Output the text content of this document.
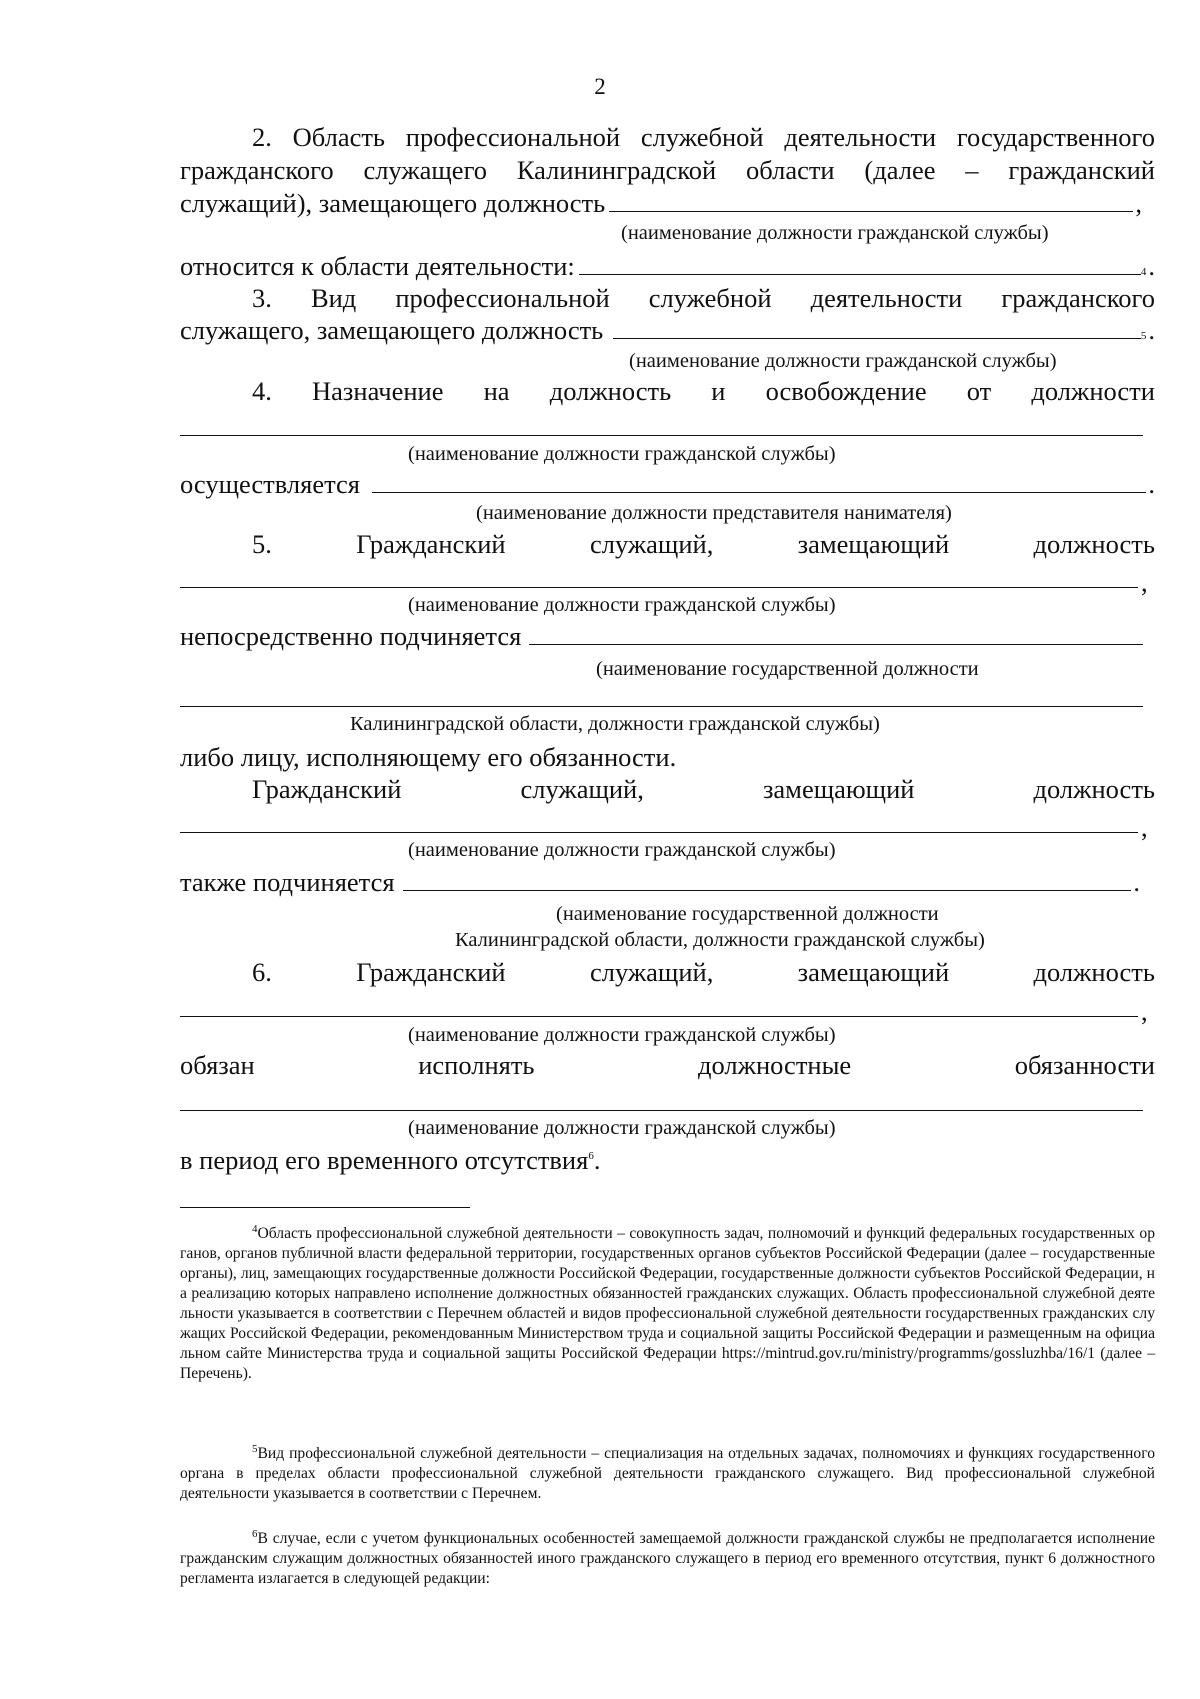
2
2. Область профессиональной служебной деятельности государственного
гражданского служащего Калининградской области (далее – гражданский
служащий), замещающего должность	,
(наименование должности гражданской службы)
относится к области деятельности:	4 .
3. Вид профессиональной служебной деятельности гражданского
служащего, замещающего должность	5 .
(наименование должности гражданской службы)
4. Назначение на должность и освобождение от должности
(наименование должности гражданской службы)
осуществляется	.
(наименование должности представителя нанимателя)
5.	Гражданский	служащий,	замещающий	должность
,
(наименование должности гражданской службы)
непосредственно подчиняется
(наименование государственной должности
Калининградской области, должности гражданской службы)
либо лицу, исполняющему его обязанности.
Гражданский	служащий,	замещающий	должность
,
(наименование должности гражданской службы)
также подчиняется	.
(наименование государственной должности
Калининградской области, должности гражданской службы)
6.	Гражданский	служащий,	замещающий	должность
,
(наименование должности гражданской службы)
обязан	исполнять	должностные	обязанности
(наименование должности гражданской службы)
в период его временного отсутствия$^6$.

$^4$Область профессиональной служебной деятельности – совокупность задач, полномочий и функций федеральных государственных органов, органов публичной власти федеральной территории, государственных органов субъектов Российской Федерации (далее – государственные органы), лиц, замещающих государственные должности Российской Федерации, государственные должности субъектов Российской Федерации, на реализацию которых направлено исполнение должностных обязанностей гражданских служащих. Область профессиональной служебной деятельности указывается в соответствии с Перечнем областей и видов профессиональной служебной деятельности государственных гражданских служащих Российской Федерации, рекомендованным Министерством труда и социальной защиты Российской Федерации и размещенным на официальном сайте Министерства труда и социальной защиты Российской Федерации https://mintrud.gov.ru/ministry/programms/gossluzhba/16/1 (далее – Перечень).

$^5$Вид профессиональной служебной деятельности – специализация на отдельных задачах, полномочиях и функциях государственного органа в пределах области профессиональной служебной деятельности гражданского служащего. Вид профессиональной служебной деятельности указывается в соответствии с Перечнем.

$^6$В случае, если с учетом функциональных особенностей замещаемой должности гражданской службы не предполагается исполнение гражданским служащим должностных обязанностей иного гражданского служащего в период его временного отсутствия, пункт 6 должностного регламента излагается в следующей редакции:
